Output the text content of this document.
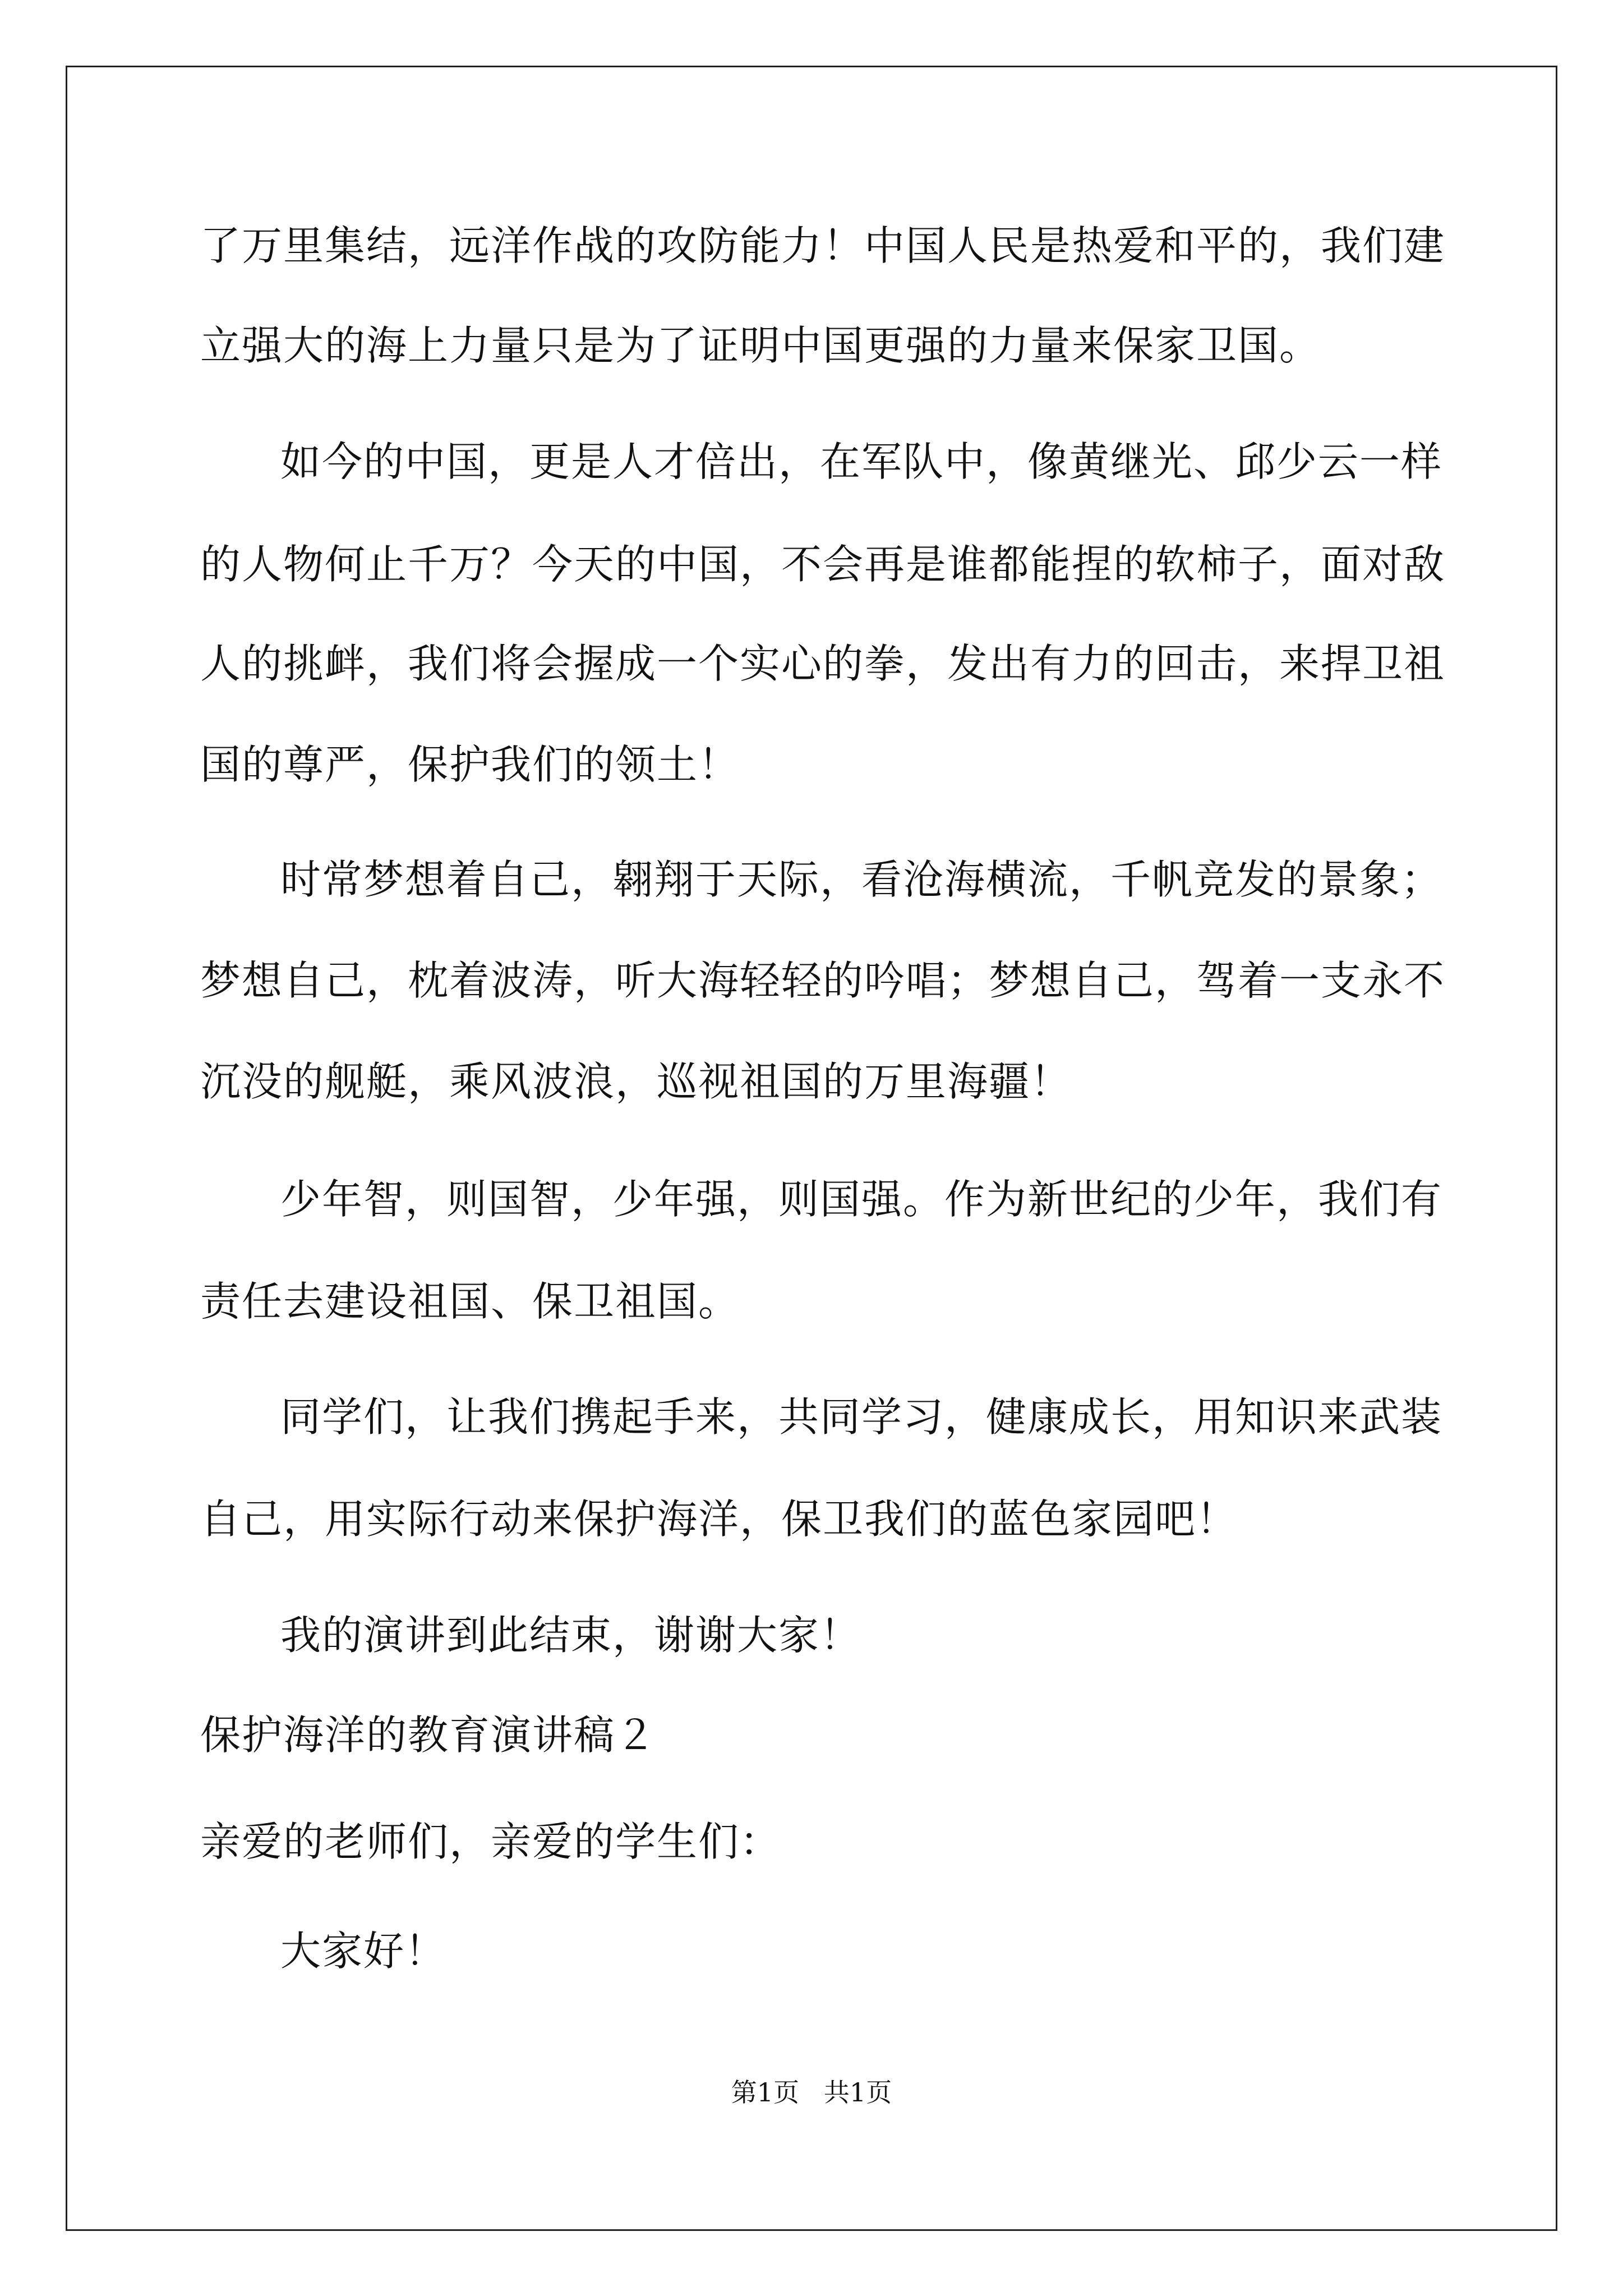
了万里集结，远洋作战的攻防能力！中国人民是热爱和平的，我们建
立强大的海上力量只是为了证明中国更强的力量来保家卫国。
如今的中国，更是人才倍出，在军队中，像黄继光、邱少云一样
的人物何止千万？今天的中国，不会再是谁都能捏的软柿子，面对敌
人的挑衅，我们将会握成一个实心的拳，发出有力的回击，来捍卫祖
国的尊严，保护我们的领土！
时常梦想着自己，翱翔于天际，看沧海横流，千帆竞发的景象；
梦想自己，枕着波涛，听大海轻轻的吟唱；梦想自己，驾着一支永不
沉没的舰艇，乘风波浪，巡视祖国的万里海疆！
少年智，则国智，少年强，则国强。作为新世纪的少年，我们有
责任去建设祖国、保卫祖国。
同学们，让我们携起手来，共同学习，健康成长，用知识来武装
自己，用实际行动来保护海洋，保卫我们的蓝色家园吧！
我的演讲到此结束，谢谢大家！
保护海洋的教育演讲稿２
亲爱的老师们，亲爱的学生们：
大家好！
第1页   共1页
